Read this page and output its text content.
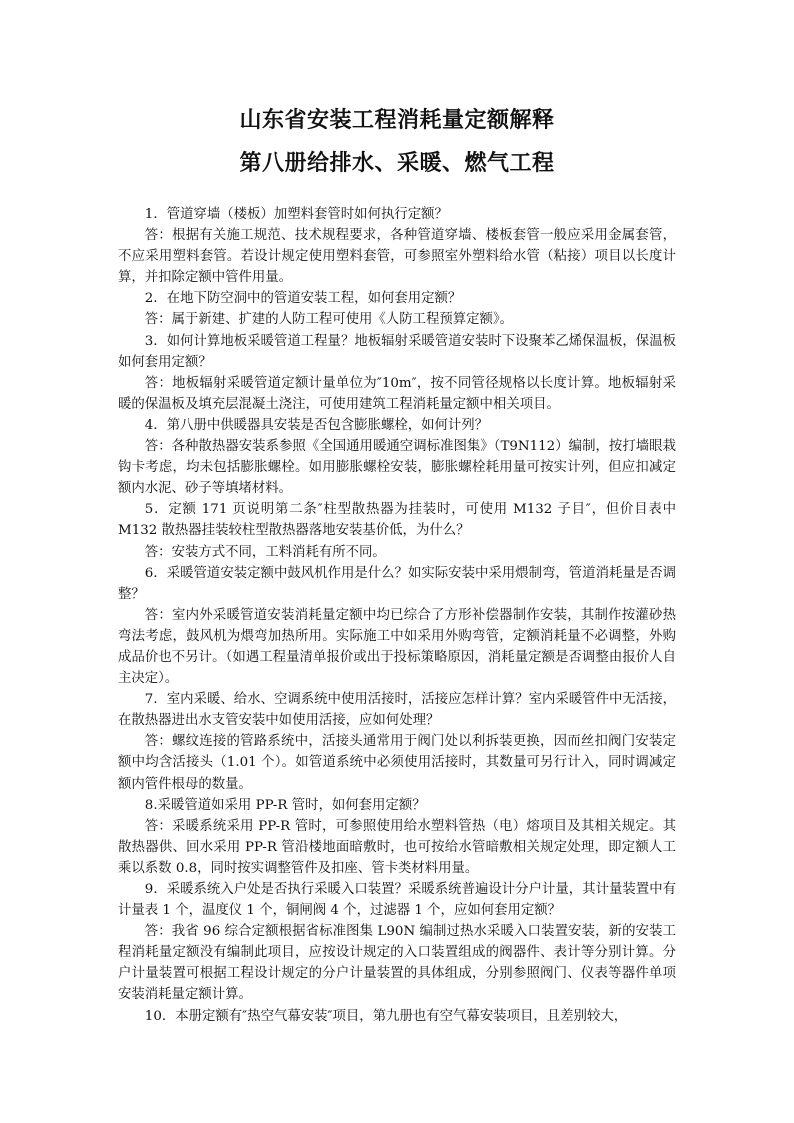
山东省安装工程消耗量定额解释
第八册给排水、采暖、燃气工程

1．管道穿墙（楼板）加塑料套管时如何执行定额？

答：根据有关施工规范、技术规程要求，各种管道穿墙、楼板套管一般应采用金属套管，不应采用塑料套管。若设计规定使用塑料套管，可参照室外塑料给水管（粘接）项目以长度计算，并扣除定额中管件用量。

2．在地下防空洞中的管道安装工程，如何套用定额？

答：属于新建、扩建的人防工程可使用《人防工程预算定额》。

3．如何计算地板采暖管道工程量？地板辐射采暖管道安装时下设聚苯乙烯保温板，保温板如何套用定额？

答：地板辐射采暖管道定额计量单位为″10m″，按不同管径规格以长度计算。地板辐射采暖的保温板及填充层混凝土浇注，可使用建筑工程消耗量定额中相关项目。

4．第八册中供暖器具安装是否包含膨胀螺栓，如何计列？

答：各种散热器安装系参照《全国通用暖通空调标准图集》（T9N112）编制，按打墙眼栽钩卡考虑，均未包括膨胀螺栓。如用膨胀螺栓安装，膨胀螺栓耗用量可按实计列，但应扣减定额内水泥、砂子等填堵材料。

5．定额 171 页说明第二条″柱型散热器为挂装时，可使用 M132 子目″，但价目表中 M132 散热器挂装较柱型散热器落地安装基价低，为什么？

答：安装方式不同，工料消耗有所不同。

6．采暖管道安装定额中鼓风机作用是什么？如实际安装中采用煨制弯，管道消耗量是否调整？

答：室内外采暖管道安装消耗量定额中均已综合了方形补偿器制作安装，其制作按灌砂热弯法考虑，鼓风机为煨弯加热所用。实际施工中如采用外购弯管，定额消耗量不必调整，外购成品价也不另计。（如遇工程量清单报价或出于投标策略原因，消耗量定额是否调整由报价人自主决定）。

7．室内采暖、给水、空调系统中使用活接时，活接应怎样计算？室内采暖管件中无活接，在散热器进出水支管安装中如使用活接，应如何处理？

答：螺纹连接的管路系统中，活接头通常用于阀门处以利拆装更换，因而丝扣阀门安装定额中均含活接头（1.01 个）。如管道系统中必须使用活接时，其数量可另行计入，同时调减定额内管件根母的数量。

8.采暖管道如采用 PP-R 管时，如何套用定额？

答：采暖系统采用 PP-R 管时，可参照使用给水塑料管热（电）熔项目及其相关规定。其散热器供、回水采用 PP-R 管沿楼地面暗敷时，也可按给水管暗敷相关规定处理，即定额人工乘以系数 0.8，同时按实调整管件及扣座、管卡类材料用量。

9．采暖系统入户处是否执行采暖入口装置？采暖系统普遍设计分户计量，其计量装置中有计量表 1 个，温度仪 1 个，铜闸阀 4 个，过滤器 1 个，应如何套用定额？

答：我省 96 综合定额根据省标准图集 L90N 编制过热水采暖入口装置安装，新的安装工程消耗量定额没有编制此项目，应按设计规定的入口装置组成的阀器件、表计等分别计算。分户计量装置可根据工程设计规定的分户计量装置的具体组成，分别参照阀门、仪表等器件单项安装消耗量定额计算。

10．本册定额有″热空气幕安装″项目，第九册也有空气幕安装项目，且差别较大，
